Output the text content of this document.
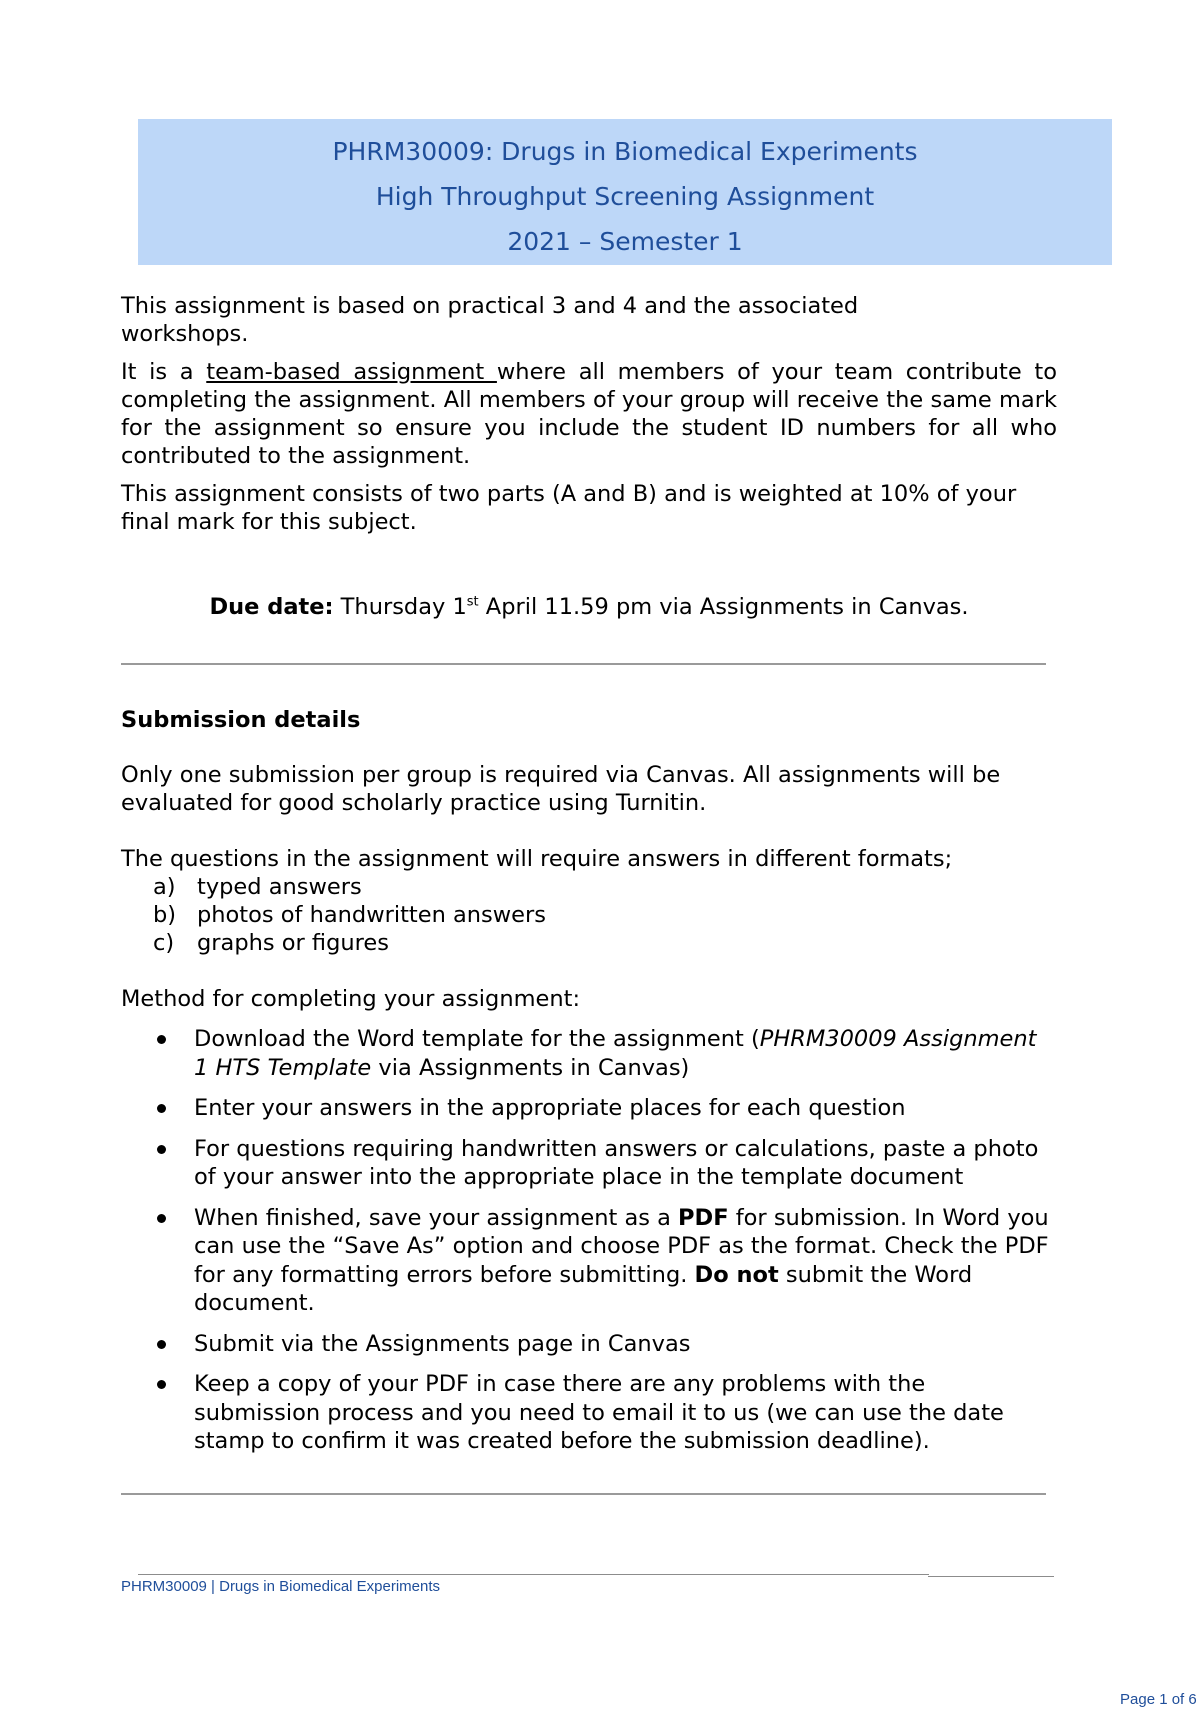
PHRM30009: Drugs in Biomedical Experiments
High Throughput Screening Assignment
2021 – Semester 1

This assignment is based on practical 3 and 4 and the associated workshops.

It is a team-based assignment where all members of your team contribute to completing the assignment. All members of your group will receive the same mark for the assignment so ensure you include the student ID numbers for all who contributed to the assignment.

This assignment consists of two parts (A and B) and is weighted at 10% of your final mark for this subject.

Due date: Thursday 1st April 11.59 pm via Assignments in Canvas.
Submission details

Only one submission per group is required via Canvas. All assignments will be evaluated for good scholarly practice using Turnitin.

The questions in the assignment will require answers in different formats;

a) typed answers
b) photos of handwritten answers
c) graphs or figures

Method for completing your assignment:

Download the Word template for the assignment (PHRM30009 Assignment 1 HTS Template via Assignments in Canvas)
Enter your answers in the appropriate places for each question
For questions requiring handwritten answers or calculations, paste a photo of your answer into the appropriate place in the template document
When finished, save your assignment as a PDF for submission. In Word you can use the “Save As” option and choose PDF as the format. Check the PDF for any formatting errors before submitting. Do not submit the Word document.
Submit via the Assignments page in Canvas
Keep a copy of your PDF in case there are any problems with the submission process and you need to email it to us (we can use the date stamp to confirm it was created before the submission deadline).
PHRM30009 | Drugs in Biomedical Experiments
Page 1 of 6
